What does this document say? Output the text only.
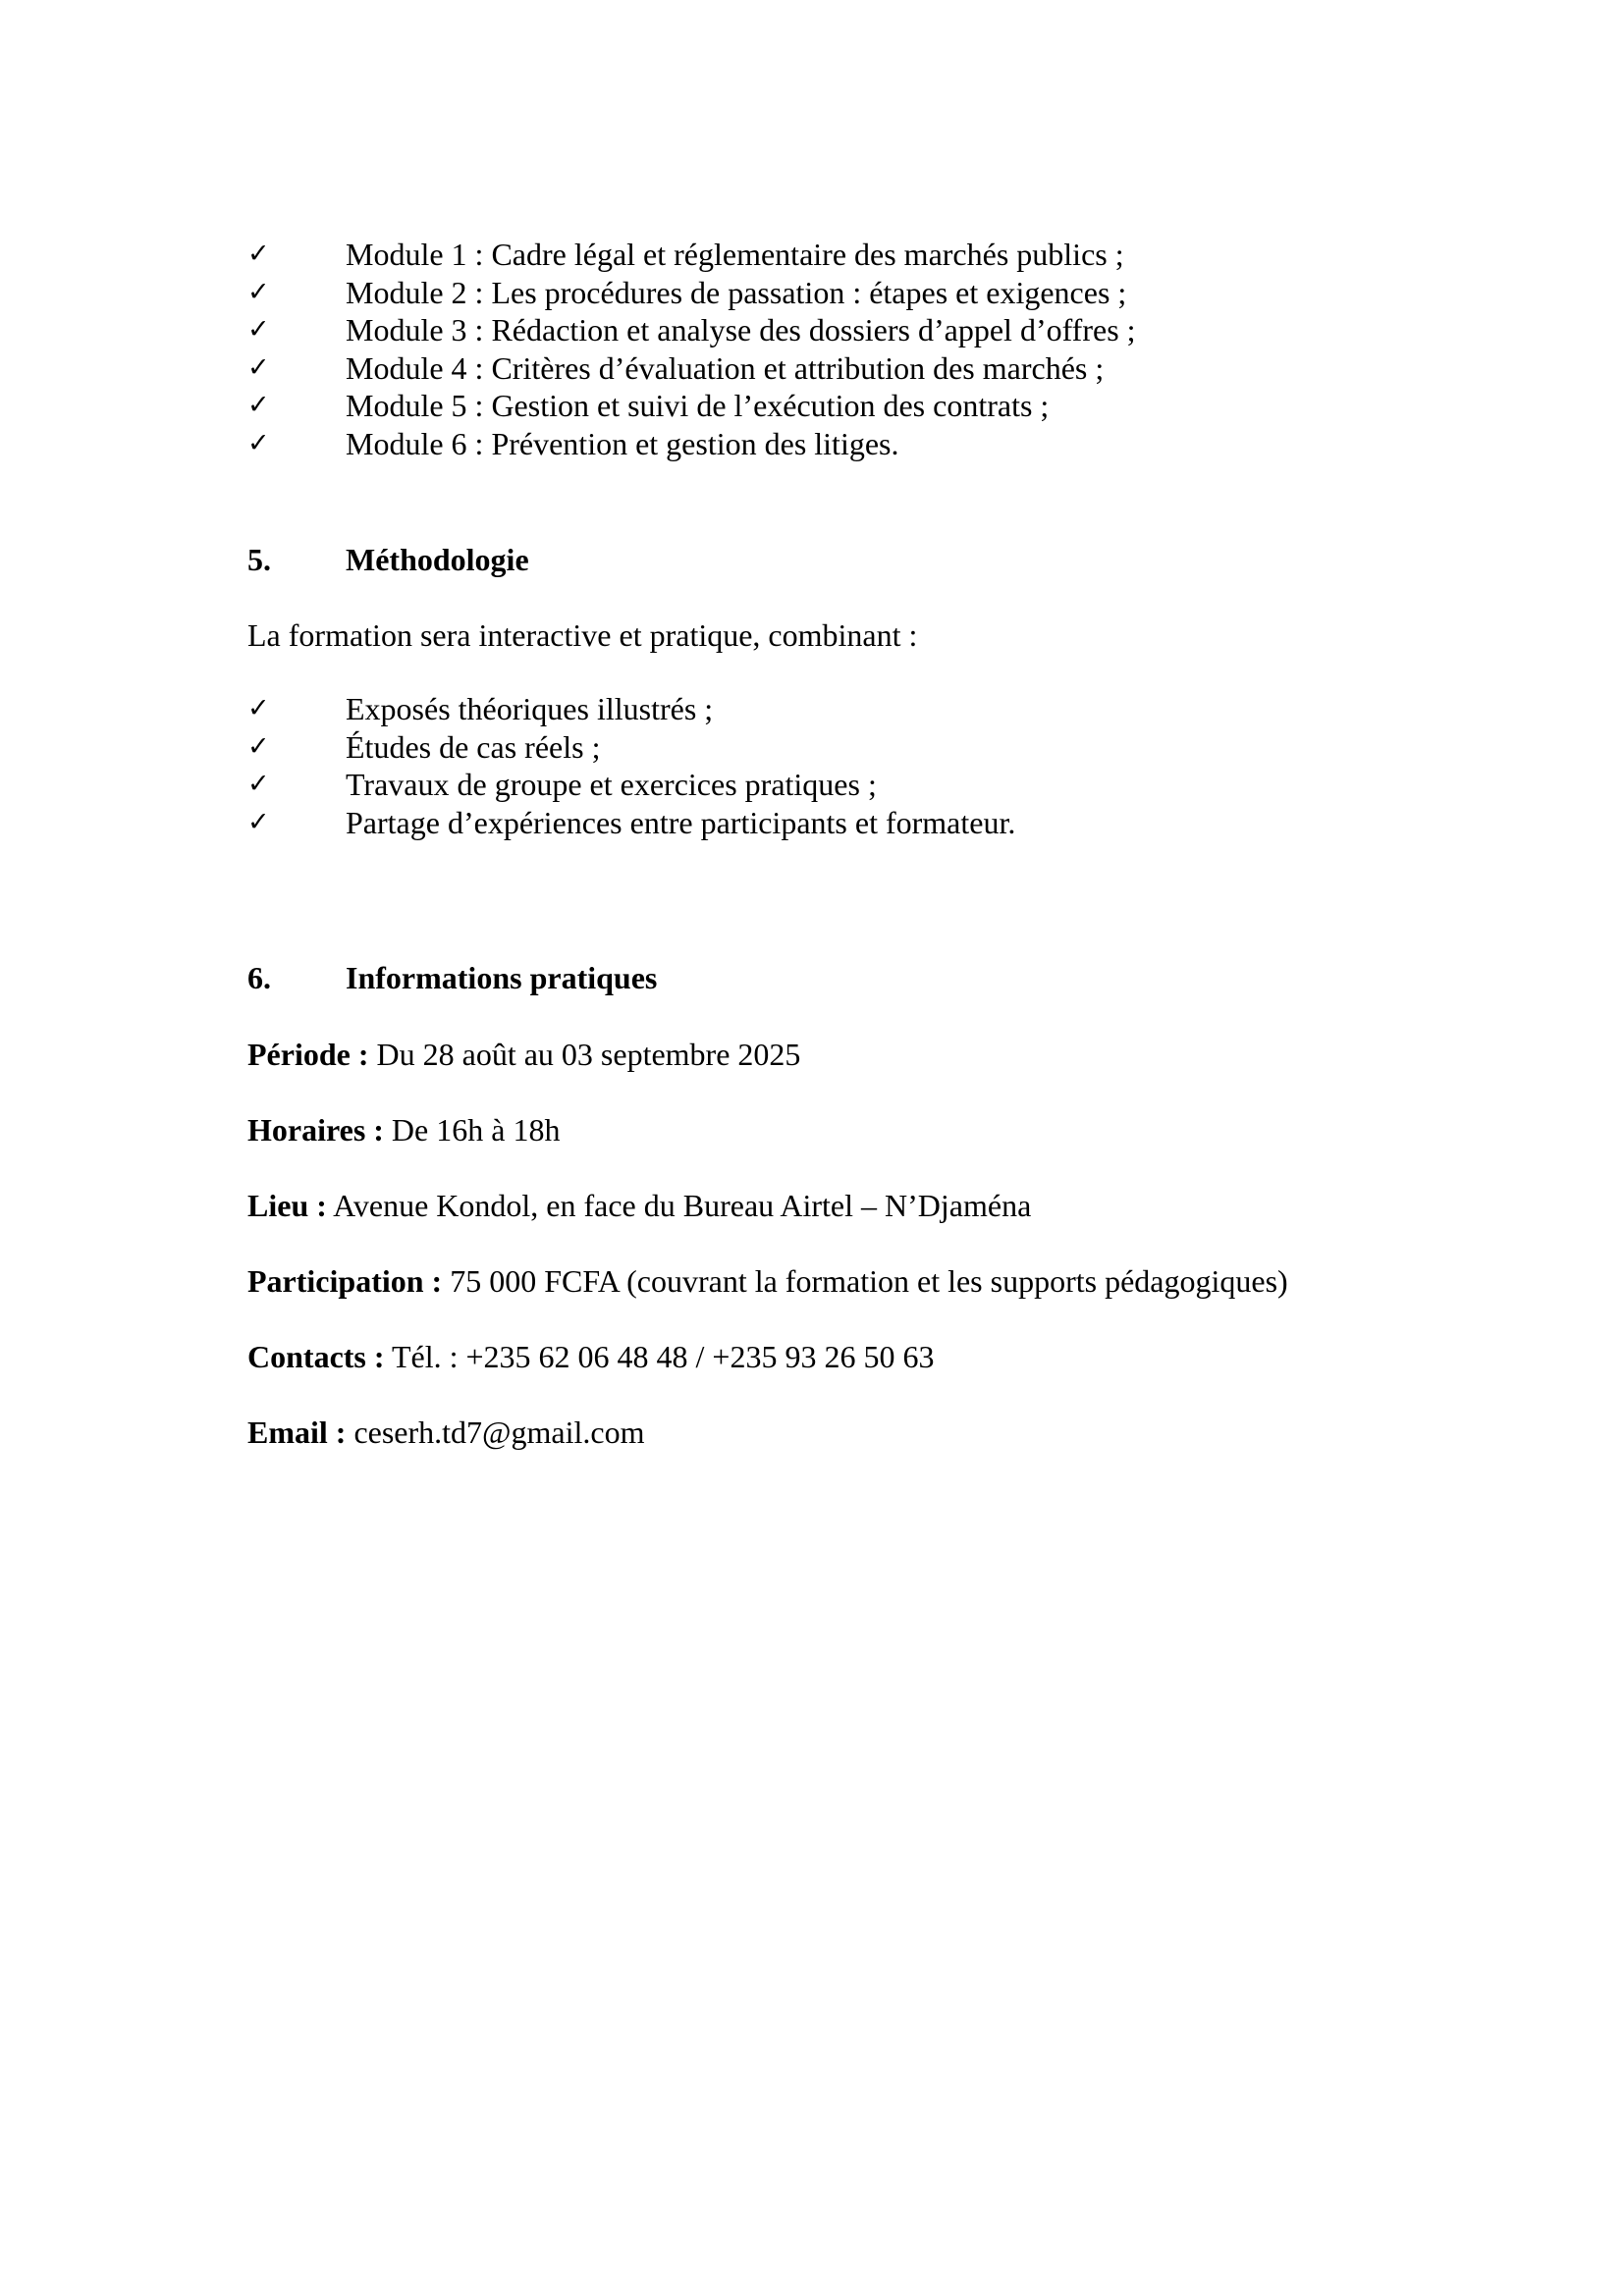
✓	Module 1 : Cadre légal et réglementaire des marchés publics ;
✓	Module 2 : Les procédures de passation : étapes et exigences ;
✓	Module 3 : Rédaction et analyse des dossiers d’appel d’offres ;
✓	Module 4 : Critères d’évaluation et attribution des marchés ;
✓	Module 5 : Gestion et suivi de l’exécution des contrats ;
✓	Module 6 : Prévention et gestion des litiges.
5. Méthodologie

La formation sera interactive et pratique, combinant :

✓	Exposés théoriques illustrés ;
✓	Études de cas réels ;
✓	Travaux de groupe et exercices pratiques ;
✓	Partage d’expériences entre participants et formateur.
6. Informations pratiques

Période : Du 28 août au 03 septembre 2025

Horaires : De 16h à 18h

Lieu : Avenue Kondol, en face du Bureau Airtel – N’Djaména

Participation : 75 000 FCFA (couvrant la formation et les supports pédagogiques)

Contacts : Tél. : +235 62 06 48 48 / +235 93 26 50 63

Email : ceserh.td7@gmail.com
